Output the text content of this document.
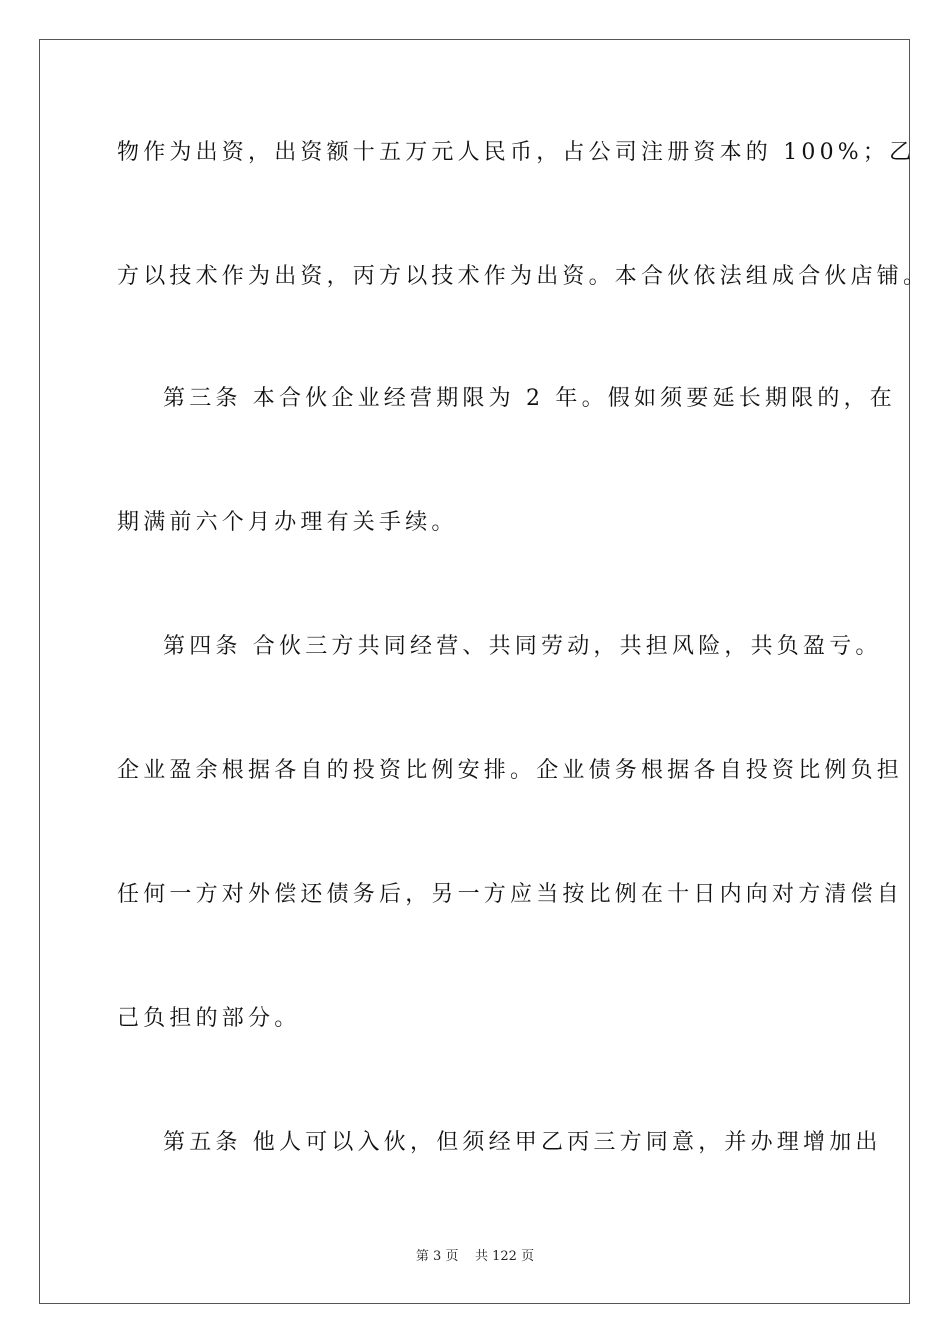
物作为出资，出资额十五万元人民币，占公司注册资本的 100%；乙
方以技术作为出资，丙方以技术作为出资。本合伙依法组成合伙店铺。
第三条 本合伙企业经营期限为 2 年。假如须要延长期限的，在
期满前六个月办理有关手续。
第四条 合伙三方共同经营、共同劳动，共担风险，共负盈亏。
企业盈余根据各自的投资比例安排。企业债务根据各自投资比例负担
任何一方对外偿还债务后，另一方应当按比例在十日内向对方清偿自
己负担的部分。
第五条 他人可以入伙，但须经甲乙丙三方同意，并办理增加出
第 3 页    共 122 页
